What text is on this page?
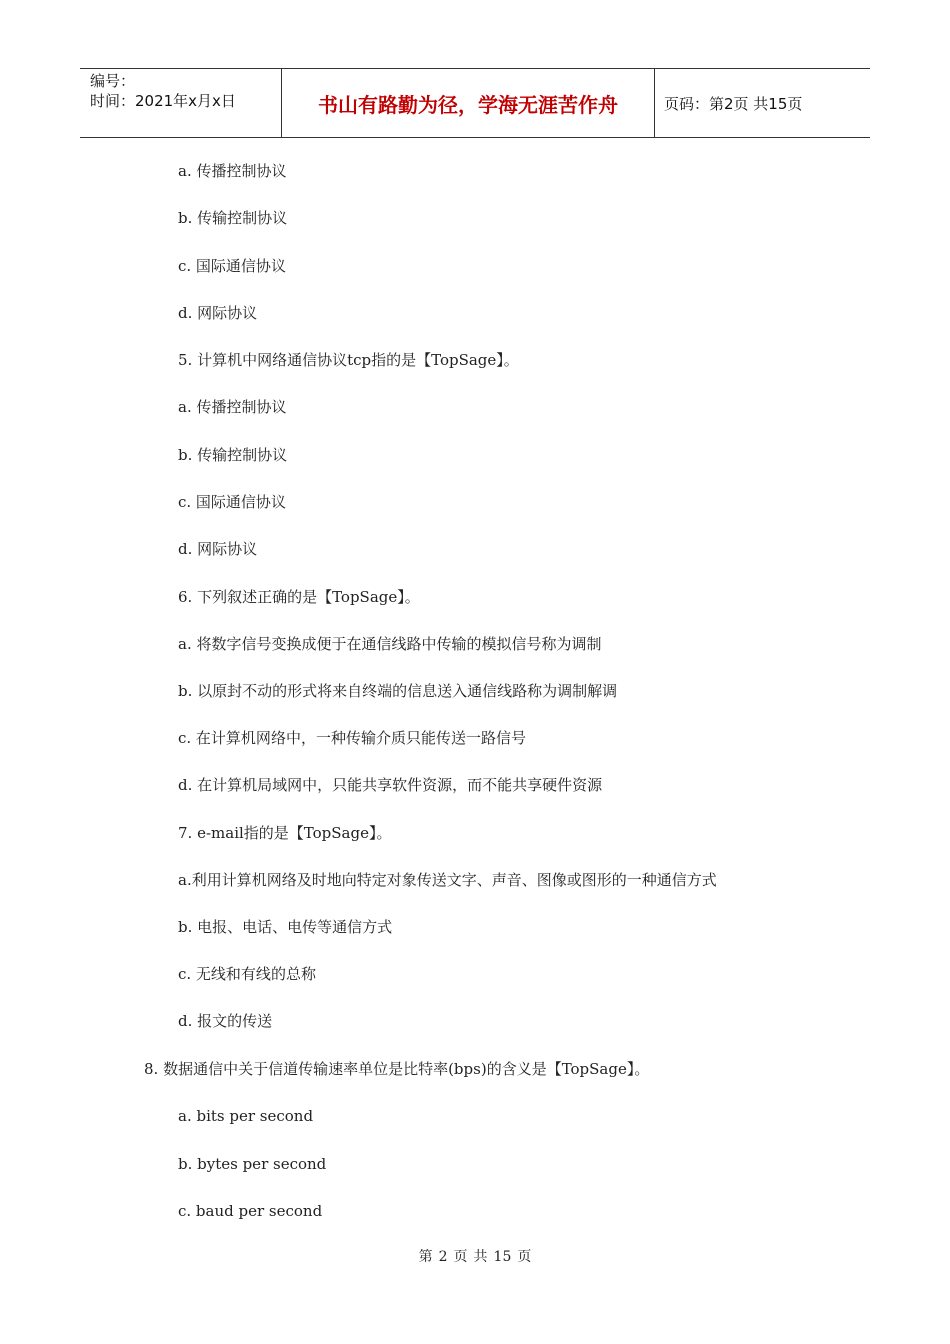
编号：
时间：2021年x月x日	书山有路勤为径，学海无涯苦作舟	页码：第2页 共15页
a. 传播控制协议
b. 传输控制协议
c. 国际通信协议
d. 网际协议
5. 计算机中网络通信协议tcp指的是【TopSage】。
a. 传播控制协议
b. 传输控制协议
c. 国际通信协议
d. 网际协议
6. 下列叙述正确的是【TopSage】。
a. 将数字信号变换成便于在通信线路中传输的模拟信号称为调制
b. 以原封不动的形式将来自终端的信息送入通信线路称为调制解调
c. 在计算机网络中，一种传输介质只能传送一路信号
d. 在计算机局域网中，只能共享软件资源，而不能共享硬件资源
7. e-mail指的是【TopSage】。
a.利用计算机网络及时地向特定对象传送文字、声音、图像或图形的一种通信方式
b. 电报、电话、电传等通信方式
c. 无线和有线的总称
d. 报文的传送
8. 数据通信中关于信道传输速率单位是比特率(bps)的含义是【TopSage】。
a. bits per second
b. bytes per second
c. baud per second
第 2 页 共 15 页
